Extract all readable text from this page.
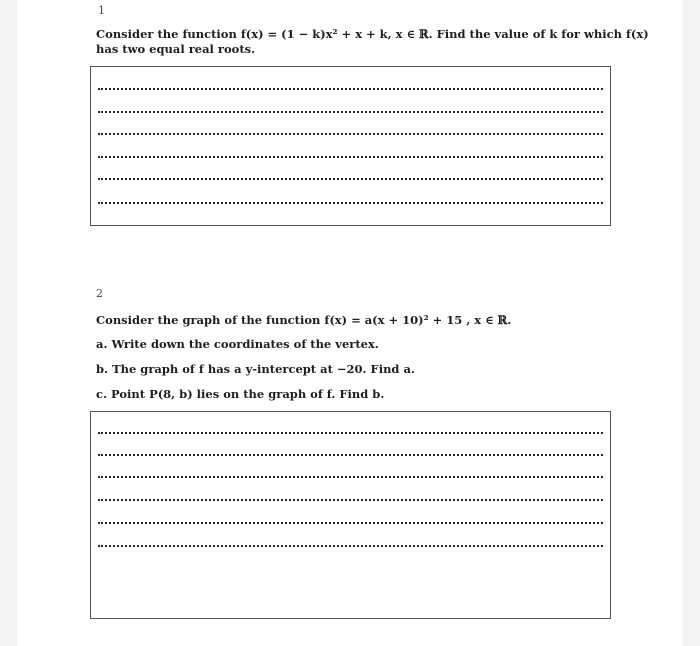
1
Consider the function f(x) = (1 − k)x² + x + k, x ∈ ℝ. Find the value of k for which f(x)
has two equal real roots.
2
Consider the graph of the function f(x) = a(x + 10)² + 15 , x ∈ ℝ.
a. Write down the coordinates of the vertex.
b. The graph of f has a y-intercept at −20. Find a.
c. Point P(8, b) lies on the graph of f. Find b.
